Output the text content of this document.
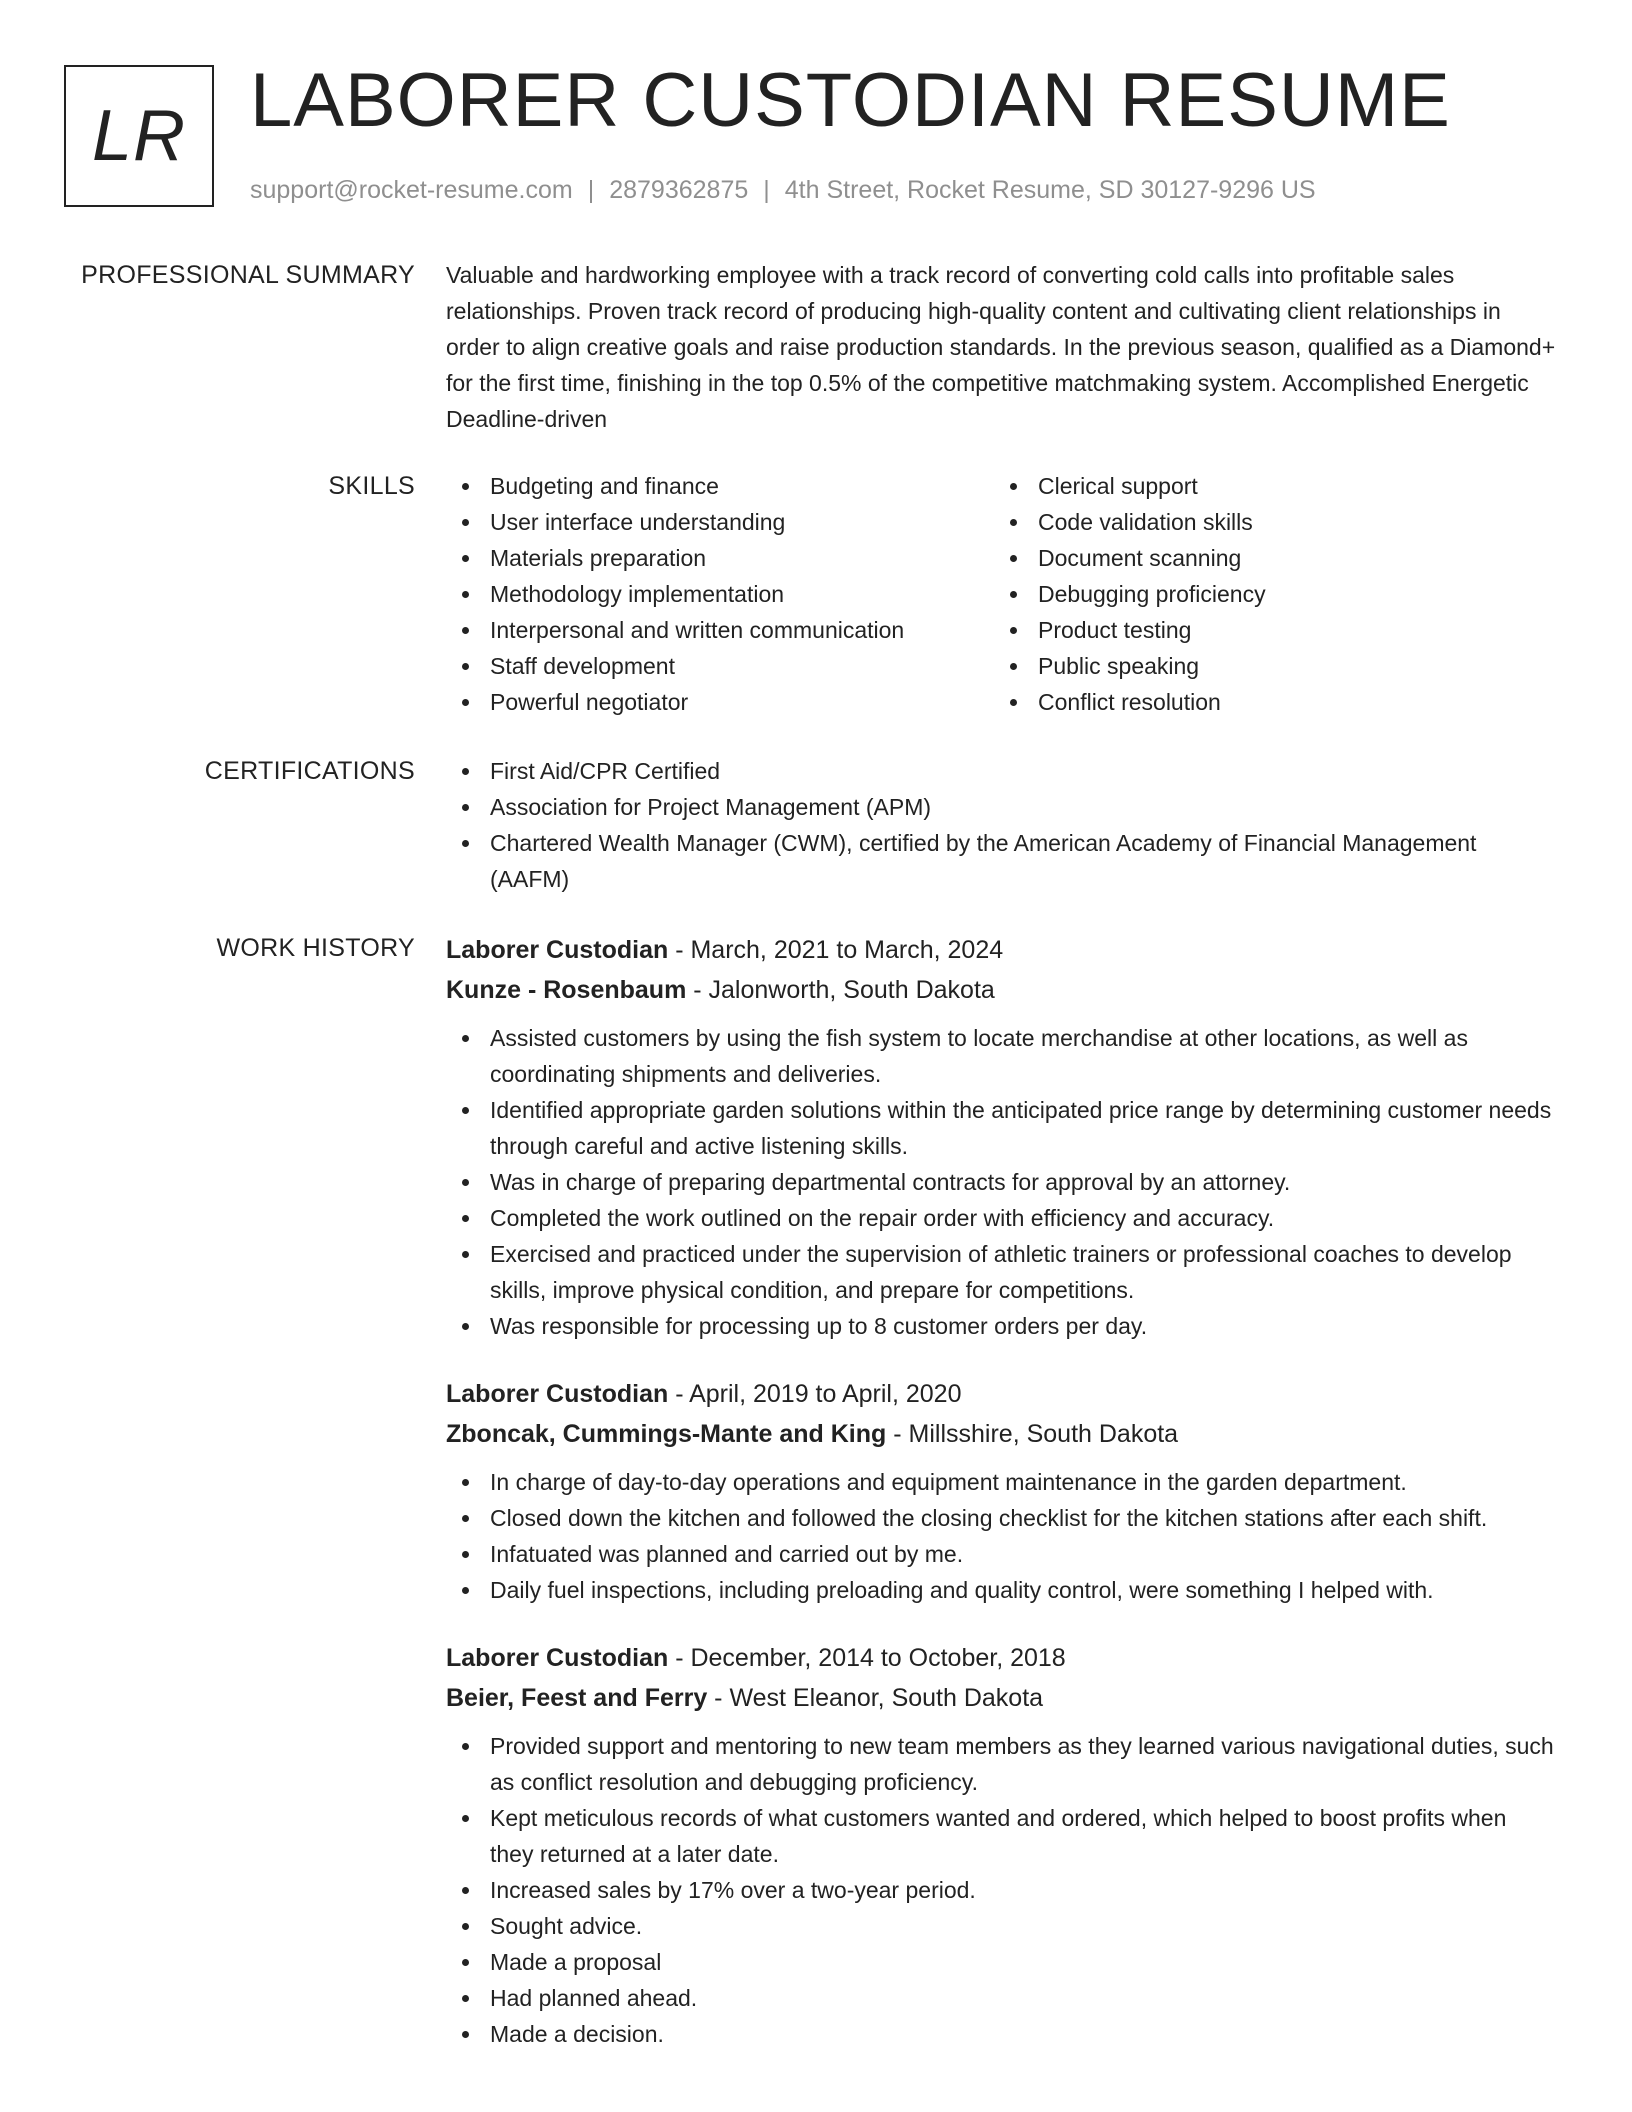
LR LABORER CUSTODIAN RESUME
support@rocket-resume.com | 2879362875 | 4th Street, Rocket Resume, SD 30127-9296 US
PROFESSIONAL SUMMARY Valuable and hardworking employee with a track record of converting cold calls into profitable sales relationships. Proven track record of producing high-quality content and cultivating client relationships in order to align creative goals and raise production standards. In the previous season, qualified as a Diamond+ for the first time, finishing in the top 0.5% of the competitive matchmaking system. Accomplished Energetic Deadline-driven

SKILLS	Budgeting and finance
User interface understanding
Materials preparation
Methodology implementation
Interpersonal and written communication
Staff development
Powerful negotiator
Clerical support
Code validation skills
Document scanning
Debugging proficiency
Product testing
Public speaking
Conflict resolution
CERTIFICATIONS	First Aid/CPR Certified
Association for Project Management (APM)
Chartered Wealth Manager (CWM), certified by the American Academy of Financial Management (AAFM)
WORK HISTORY Laborer Custodian - March, 2021 to March, 2024
Kunze - Rosenbaum - Jalonworth, South Dakota
Assisted customers by using the fish system to locate merchandise at other locations, as well as coordinating shipments and deliveries.
Identified appropriate garden solutions within the anticipated price range by determining customer needs through careful and active listening skills.
Was in charge of preparing departmental contracts for approval by an attorney.
Completed the work outlined on the repair order with efficiency and accuracy.
Exercised and practiced under the supervision of athletic trainers or professional coaches to develop skills, improve physical condition, and prepare for competitions.
Was responsible for processing up to 8 customer orders per day.
Laborer Custodian - April, 2019 to April, 2020
Zboncak, Cummings-Mante and King - Millsshire, South Dakota
In charge of day-to-day operations and equipment maintenance in the garden department.
Closed down the kitchen and followed the closing checklist for the kitchen stations after each shift.
Infatuated was planned and carried out by me.
Daily fuel inspections, including preloading and quality control, were something I helped with.
Laborer Custodian - December, 2014 to October, 2018
Beier, Feest and Ferry - West Eleanor, South Dakota
Provided support and mentoring to new team members as they learned various navigational duties, such as conflict resolution and debugging proficiency.
Kept meticulous records of what customers wanted and ordered, which helped to boost profits when they returned at a later date.
Increased sales by 17% over a two-year period.
Sought advice.
Made a proposal
Had planned ahead.
Made a decision.
